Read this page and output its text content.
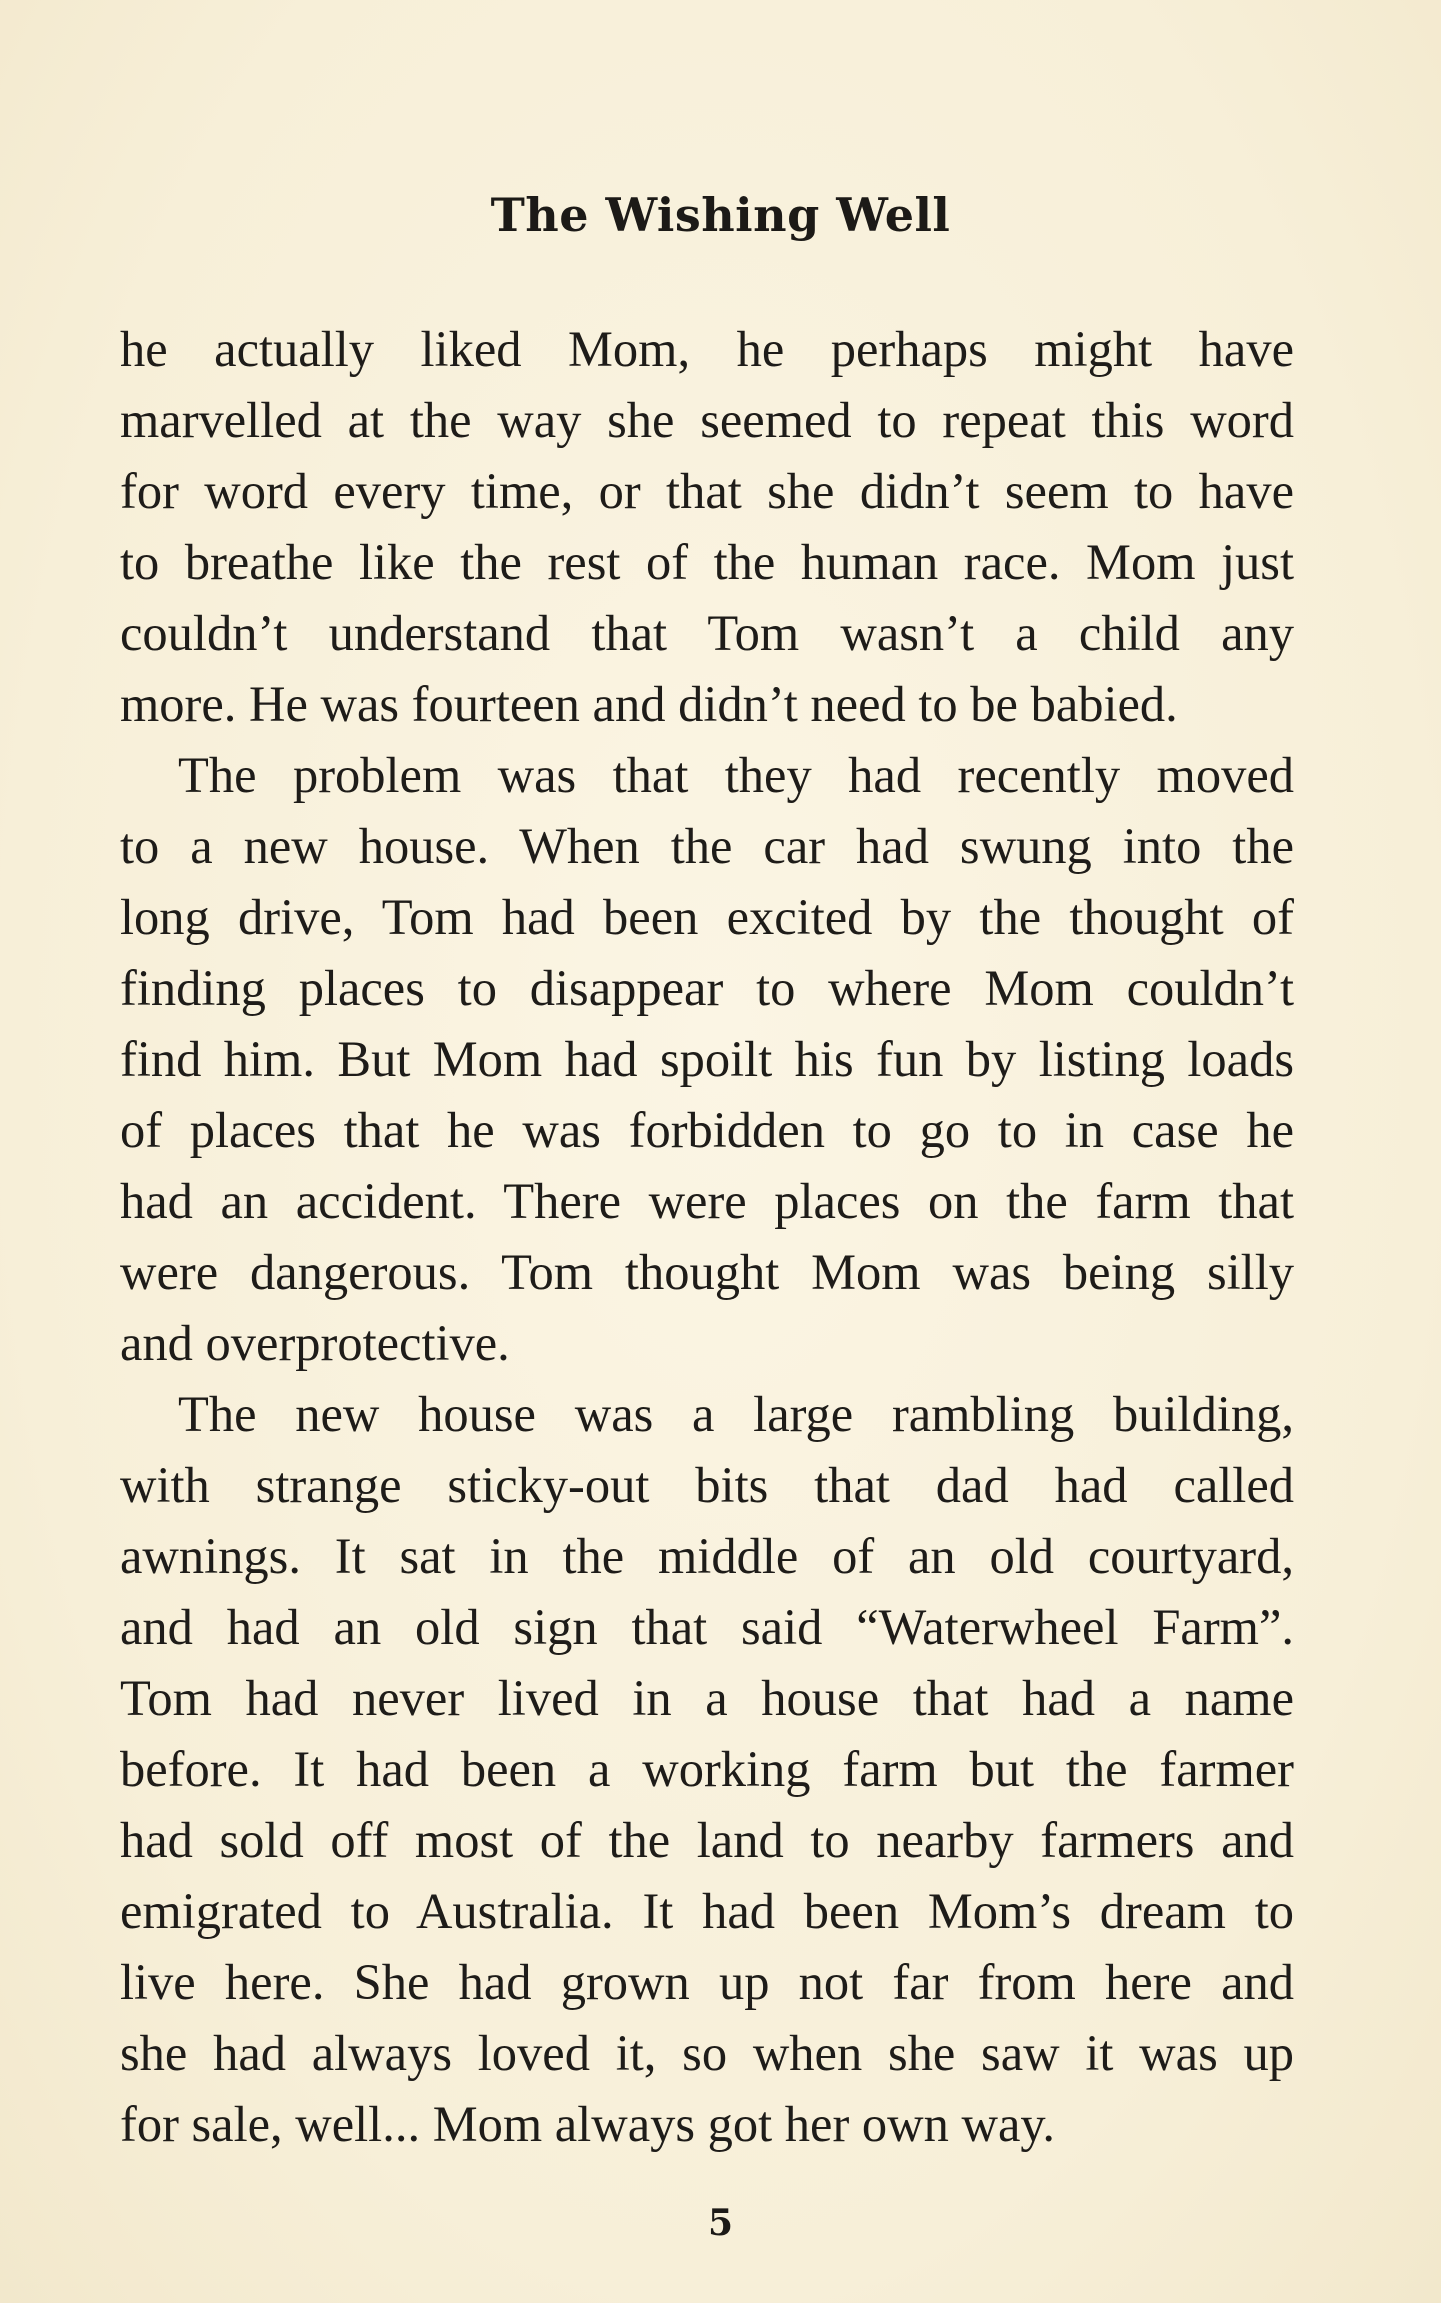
The Wishing Well
he actually liked Mom, he perhaps might have
marvelled at the way she seemed to repeat this word
for word every time, or that she didn’t seem to have
to breathe like the rest of the human race. Mom just
couldn’t understand that Tom wasn’t a child any
more. He was fourteen and didn’t need to be babied.
The problem was that they had recently moved
to a new house. When the car had swung into the
long drive, Tom had been excited by the thought of
finding places to disappear to where Mom couldn’t
find him. But Mom had spoilt his fun by listing loads
of places that he was forbidden to go to in case he
had an accident. There were places on the farm that
were dangerous. Tom thought Mom was being silly
and overprotective.
The new house was a large rambling building,
with strange sticky-out bits that dad had called
awnings. It sat in the middle of an old courtyard,
and had an old sign that said “Waterwheel Farm”.
Tom had never lived in a house that had a name
before. It had been a working farm but the farmer
had sold off most of the land to nearby farmers and
emigrated to Australia. It had been Mom’s dream to
live here. She had grown up not far from here and
she had always loved it, so when she saw it was up
for sale, well... Mom always got her own way.
5
